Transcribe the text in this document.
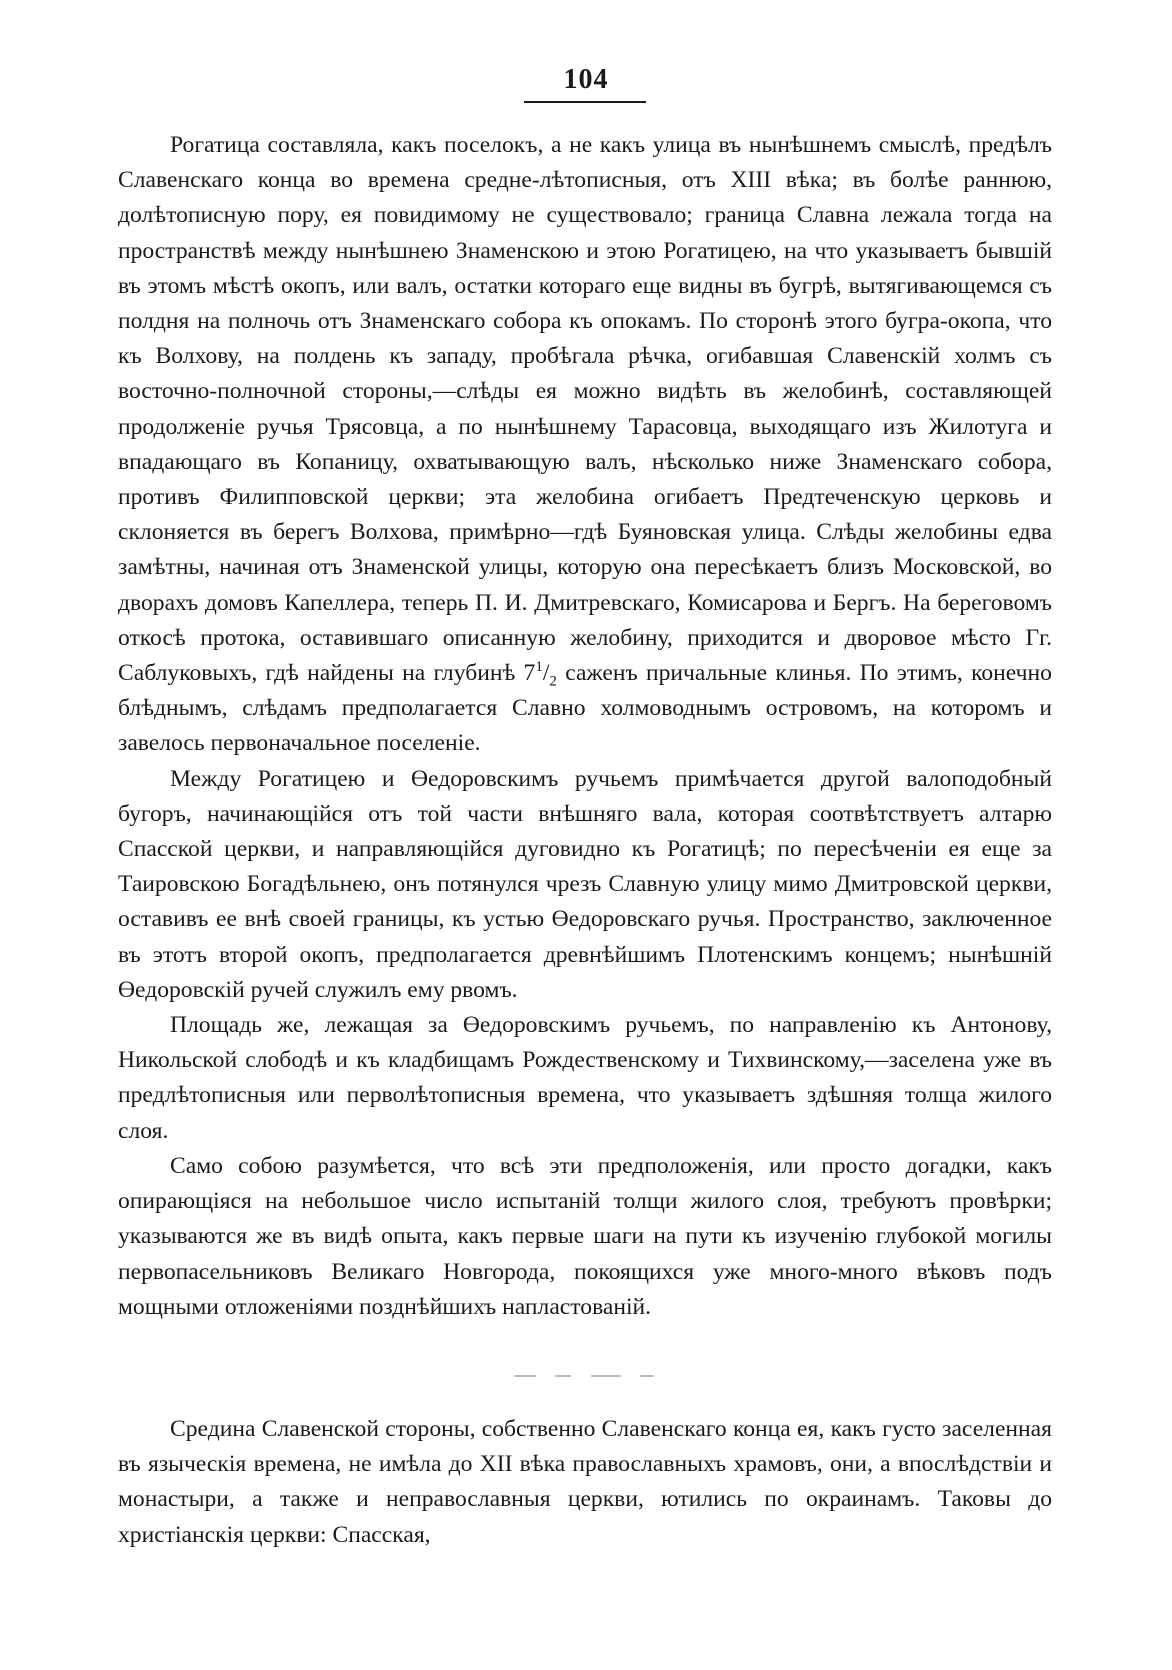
104

Рогатица составляла, какъ поселокъ, а не какъ улица въ нынѣшнемъ смыслѣ, предѣлъ Славенскаго конца во времена средне-лѣтописныя, отъ XIII вѣка; въ болѣе раннюю, долѣтописную пору, ея повидимому не существовало; граница Славна лежала тогда на пространствѣ между нынѣшнею Знаменскою и этою Рогатицею, на что указываетъ бывшій въ этомъ мѣстѣ окопъ, или валъ, остатки котораго еще видны въ бугрѣ, вытягивающемся съ полдня на полночь отъ Знаменскаго собора къ опокамъ. По сторонѣ этого бугра-окопа, что къ Волхову, на полдень къ западу, пробѣгала рѣчка, огибавшая Славенскій холмъ съ восточно-полночной стороны,—слѣды ея можно видѣть въ желобинѣ, составляющей продолженіе ручья Трясовца, а по нынѣшнему Тарасовца, выходящаго изъ Жилотуга и впадающаго въ Копаницу, охватывающую валъ, нѣсколько ниже Знаменскаго собора, противъ Филипповской церкви; эта желобина огибаетъ Предтеченскую церковь и склоняется въ берегъ Волхова, примѣрно—гдѣ Буяновская улица. Слѣды желобины едва замѣтны, начиная отъ Знаменской улицы, которую она пересѣкаетъ близъ Московской, во дворахъ домовъ Капеллера, теперь П. И. Дмитревскаго, Комисарова и Бергъ. На береговомъ откосѣ протока, оставившаго описанную желобину, приходится и дворовое мѣсто Гг. Саблуковыхъ, гдѣ найдены на глубинѣ $7^1/_2$ саженъ причальные клинья. По этимъ, конечно блѣднымъ, слѣдамъ предполагается Славно холмоводнымъ островомъ, на которомъ и завелось первоначальное поселеніе.

Между Рогатицею и Өедоровскимъ ручьемъ примѣчается другой валоподобный бугоръ, начинающійся отъ той части внѣшняго вала, которая соотвѣтствуетъ алтарю Спасской церкви, и направляющійся дуговидно къ Рогатицѣ; по пересѣченіи ея еще за Таировскою Богадѣльнею, онъ потянулся чрезъ Славную улицу мимо Дмитровской церкви, оставивъ ее внѣ своей границы, къ устью Өедоровскаго ручья. Пространство, заключенное въ этотъ второй окопъ, предполагается древнѣйшимъ Плотенскимъ концемъ; нынѣшній Өедоровскій ручей служилъ ему рвомъ.

Площадь же, лежащая за Өедоровскимъ ручьемъ, по направленію къ Антонову, Никольской слободѣ и къ кладбищамъ Рождественскому и Тихвинскому,—заселена уже въ предлѣтописныя или перволѣтописныя времена, что указываетъ здѣшняя толща жилого слоя.

Само собою разумѣется, что всѣ эти предположенія, или просто догадки, какъ опирающіяся на небольшое число испытаній толщи жилого слоя, требуютъ провѣрки; указываются же въ видѣ опыта, какъ первые шаги на пути къ изученію глубокой могилы первопасельниковъ Великаго Новгорода, покоящихся уже много-много вѣковъ подъ мощными отложеніями позднѣйшихъ напластованій.

Средина Славенской стороны, собственно Славенскаго конца ея, какъ густо заселенная въ языческія времена, не имѣла до XII вѣка православныхъ храмовъ, они, а впослѣдствіи и монастыри, а также и неправославныя церкви, ютились по окраинамъ. Таковы до христіанскія церкви: Спасская,
